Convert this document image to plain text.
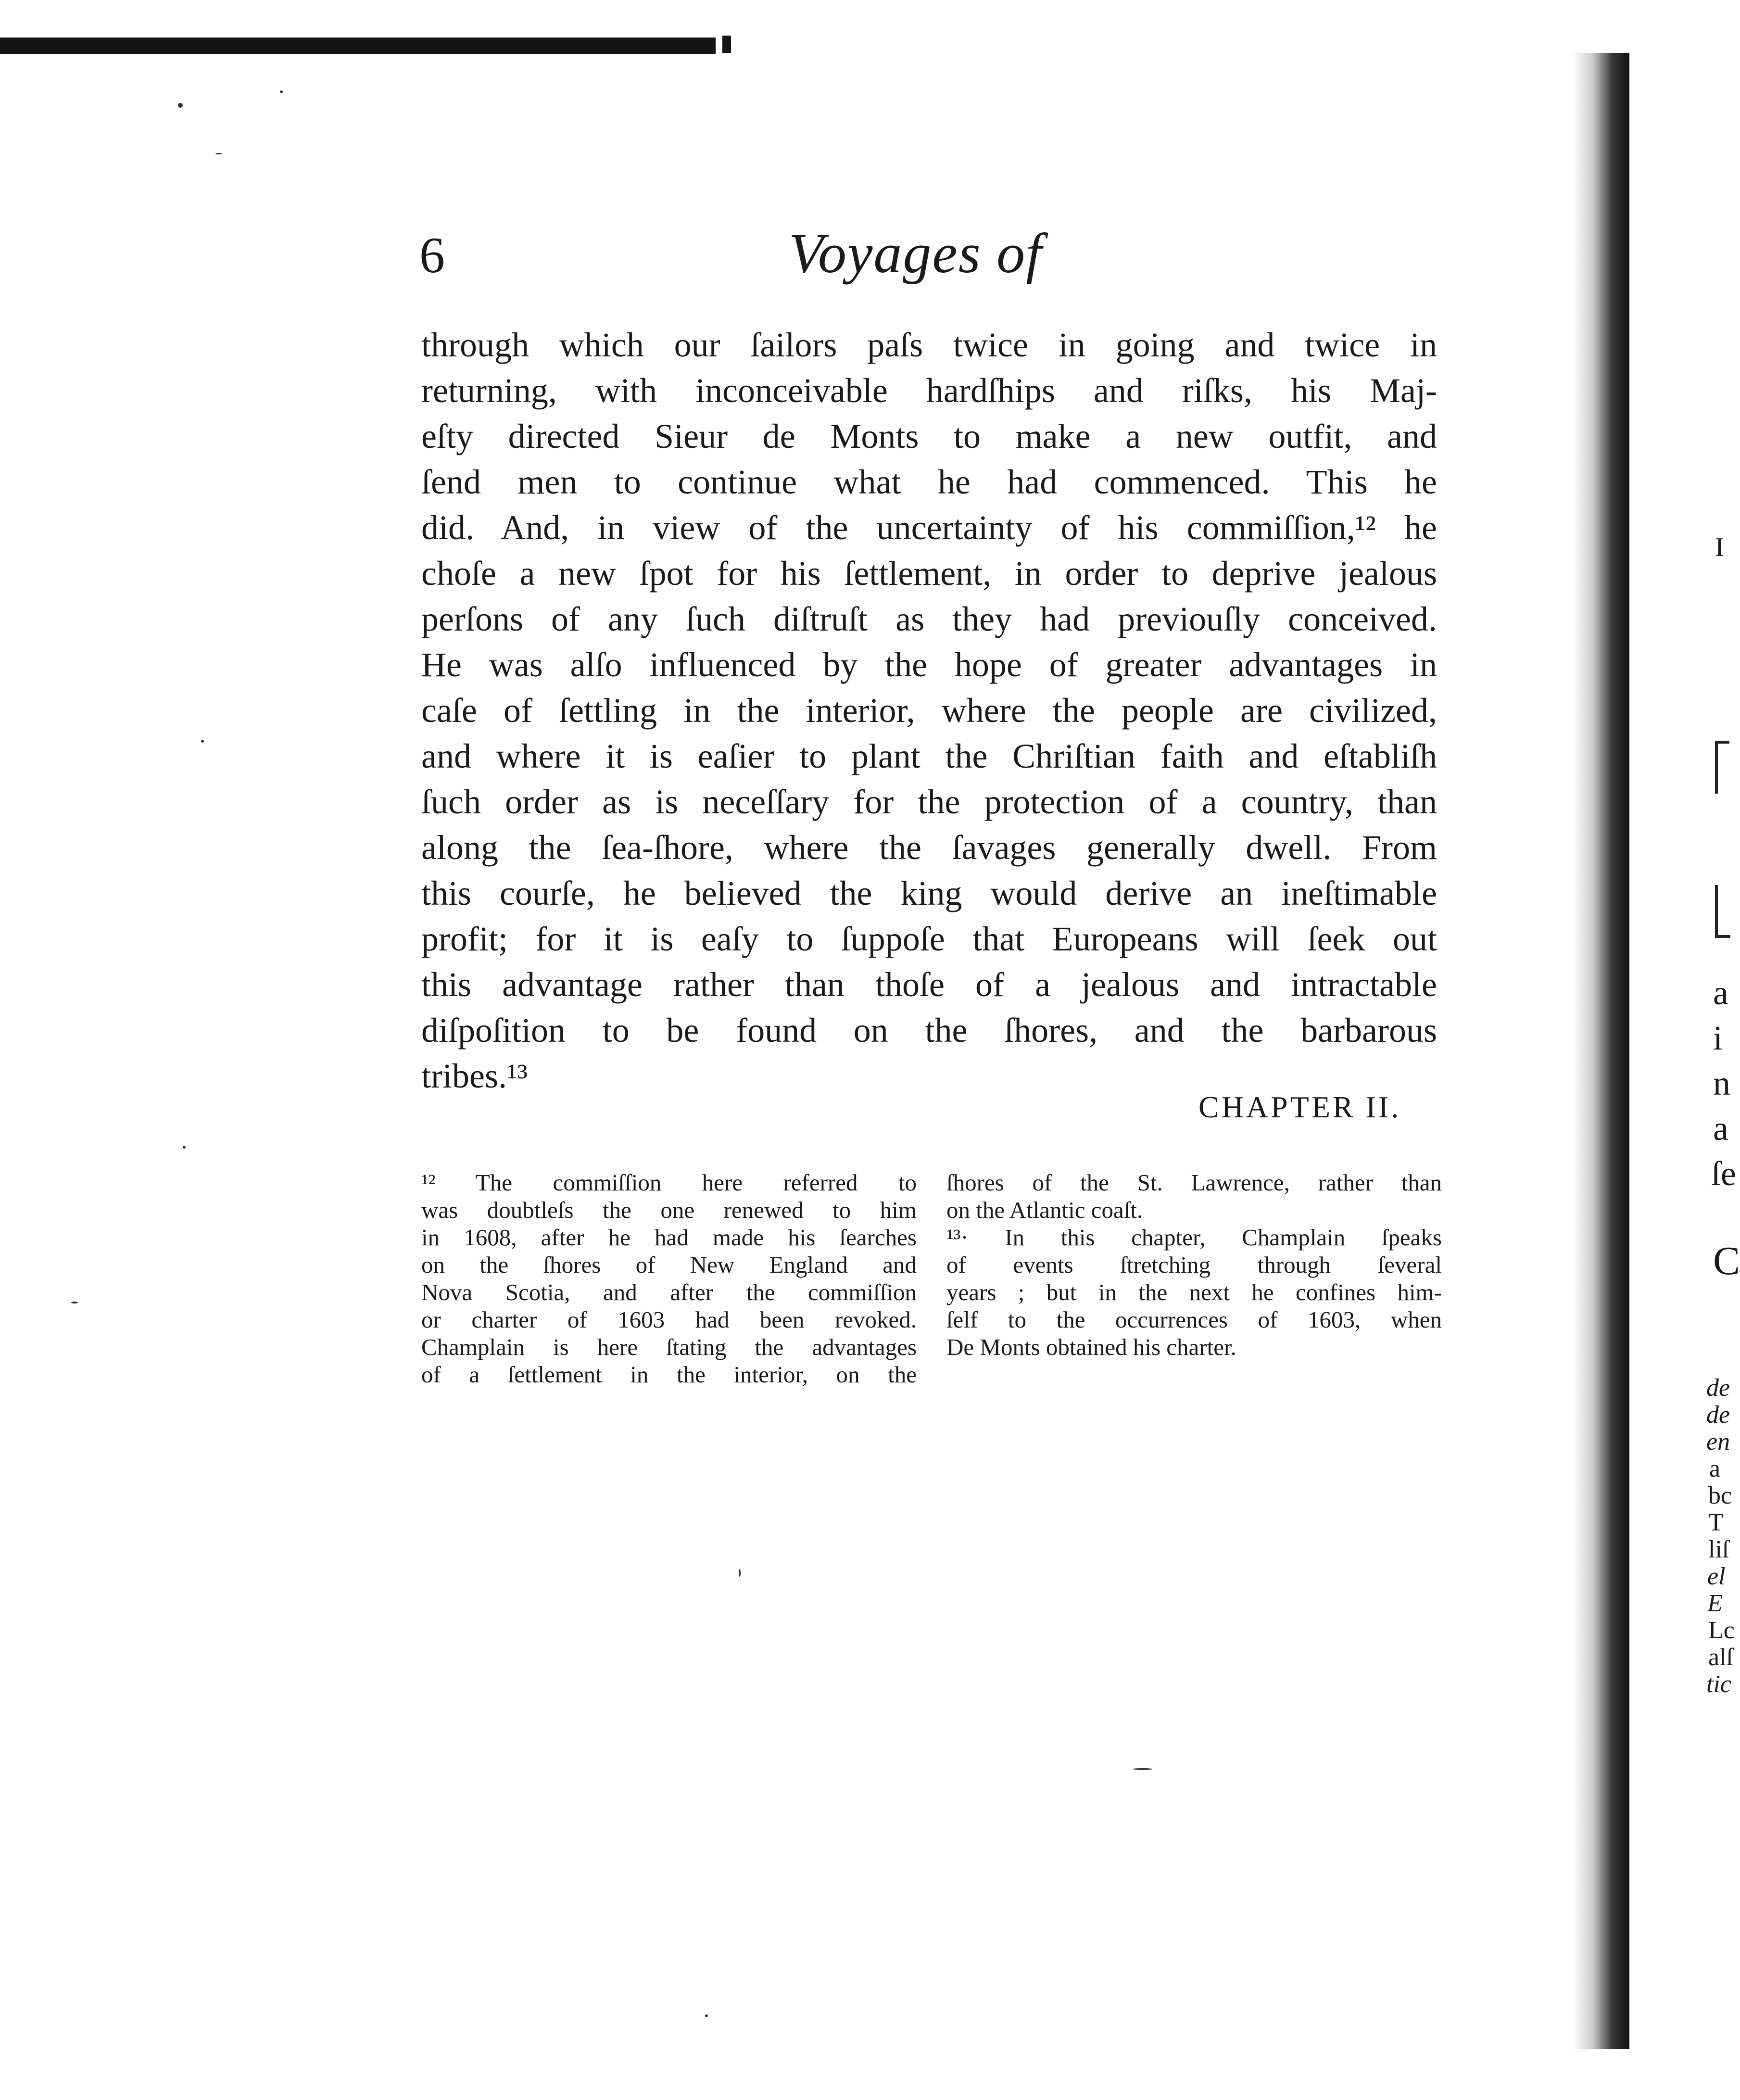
6	Voyages of
through which our ſailors paſs twice in going and twice in
returning, with inconceivable hardſhips and riſks, his Maj-
eſty directed Sieur de Monts to make a new outfit, and
ſend men to continue what he had commenced. This he
did. And, in view of the uncertainty of his commiſſion,¹² he
choſe a new ſpot for his ſettlement, in order to deprive jealous
perſons of any ſuch diſtruſt as they had previouſly conceived.
He was alſo influenced by the hope of greater advantages in
caſe of ſettling in the interior, where the people are civilized,
and where it is eaſier to plant the Chriſtian faith and eſtabliſh
ſuch order as is neceſſary for the protection of a country, than
along the ſea-ſhore, where the ſavages generally dwell. From
this courſe, he believed the king would derive an ineſtimable
profit; for it is eaſy to ſuppoſe that Europeans will ſeek out
this advantage rather than thoſe of a jealous and intractable
diſpoſition to be found on the ſhores, and the barbarous
tribes.¹³
CHAPTER II.
¹² The commiſſion here referred to
was doubtleſs the one renewed to him
in 1608, after he had made his ſearches
on the ſhores of New England and
Nova Scotia, and after the commiſſion
or charter of 1603 had been revoked.
Champlain is here ſtating the advantages
of a ſettlement in the interior, on the
ſhores of the St. Lawrence, rather than
on the Atlantic coaſt.
¹³· In this chapter, Champlain ſpeaks
of events ſtretching through ſeveral
years ; but in the next he confines him-
ſelf to the occurrences of 1603, when
De Monts obtained his charter.
I
a
i
n
a
ſe
C
de
de
en
a
bc
T
liſ
el
E
Lc
alſ
tic
